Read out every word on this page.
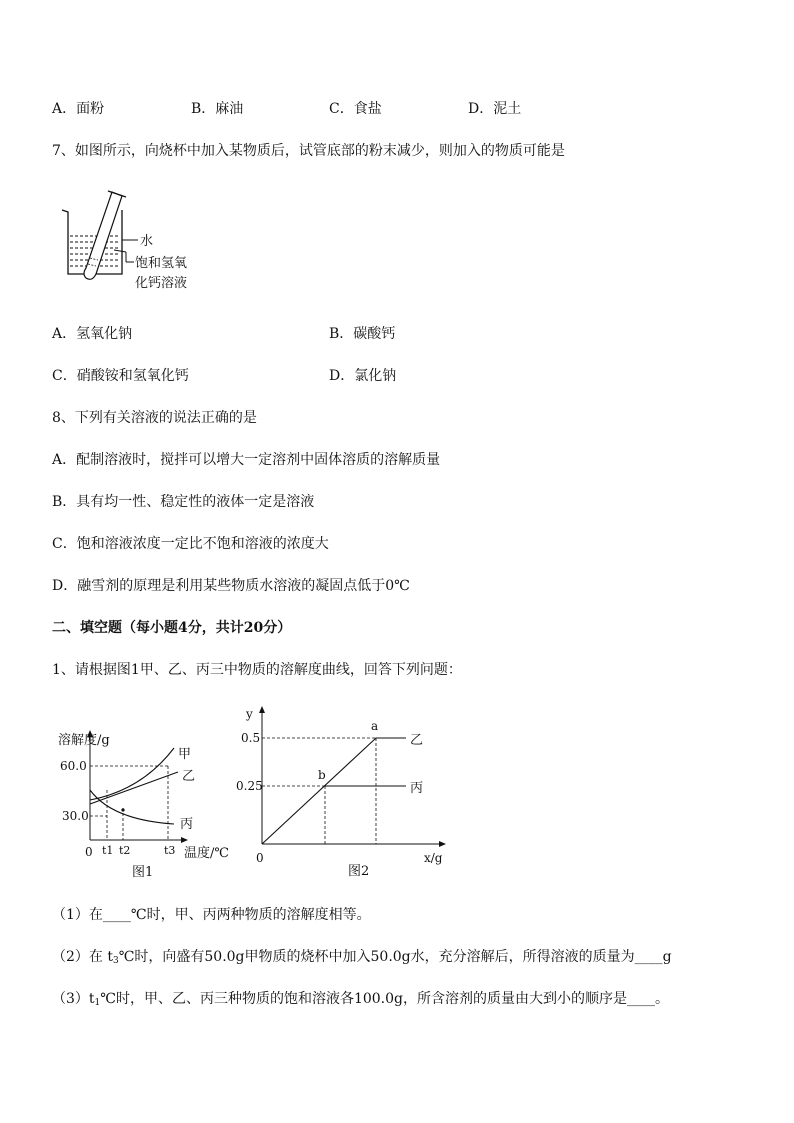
A．面粉	B．麻油	C．食盐	D．泥土
7、如图所示，向烧杯中加入某物质后，试管底部的粉末减少，则加入的物质可能是
水
饱和氢氧
化钙溶液
A．氢氧化钠	B．碳酸钙
C．硝酸铵和氢氧化钙	D．氯化钠
8、下列有关溶液的说法正确的是
A．配制溶液时，搅拌可以增大一定溶剂中固体溶质的溶解质量
B．具有均一性、稳定性的液体一定是溶液
C．饱和溶液浓度一定比不饱和溶液的浓度大
D．融雪剂的原理是利用某些物质水溶液的凝固点低于0℃
二、填空题（每小题4分，共计20分）
1、请根据图1甲、乙、丙三中物质的溶解度曲线，回答下列问题：
溶解度/g
60.0
30.0
0 t1 t2	t3 温度/℃
甲
乙
丙
图1
y
0.5
0.25
0
a
b
乙
丙
x/g
图2
（1）在____℃时，甲、丙两种物质的溶解度相等。
（2）在 $t_3℃$时，向盛有50.0g甲物质的烧杯中加入50.0g水，充分溶解后，所得溶液的质量为____g
$(3)t_1℃$时，甲、乙、丙三种物质的饱和溶液各100.0g，所含溶剂的质量由大到小的顺序是____。
